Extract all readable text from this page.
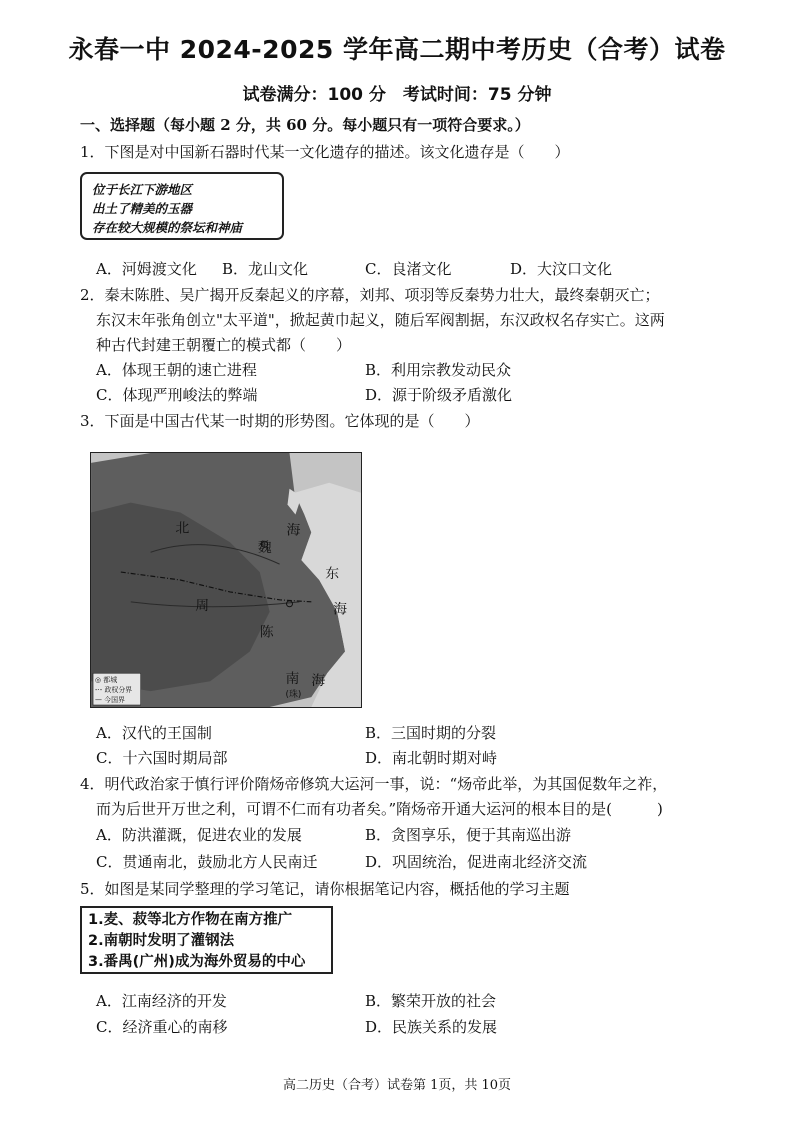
永春一中 2024-2025 学年高二期中考历史（合考）试卷
试卷满分：100 分　考试时间：75 分钟
一、选择题（每小题 2 分，共 60 分。每小题只有一项符合要求。）
1．下图是对中国新石器时代某一文化遗存的描述。该文化遗存是（　　）
位于长江下游地区
出土了精美的玉器
存在较大规模的祭坛和神庙
A．河姆渡文化 B．龙山文化	C．良渚文化	D．大汶口文化
2．秦末陈胜、吴广揭开反秦起义的序幕，刘邦、项羽等反秦势力壮大，最终秦朝灭亡；
东汉末年张角创立"太平道"，掀起黄巾起义，随后军阀割据，东汉政权名存实亡。这两
种古代封建王朝覆亡的模式都（　　）
A．体现王朝的速亡进程	B．利用宗教发动民众
C．体现严刑峻法的弊端	D．源于阶级矛盾激化
3．下面是中国古代某一时期的形势图。它体现的是（　　）
北
魏
海
东
周
陈
海
南 海
(珠)
◎ 都城
-·- 政权分界
— 今国界
A．汉代的王国制	B．三国时期的分裂
C．十六国时期局部	D．南北朝时期对峙
4．明代政治家于慎行评价隋炀帝修筑大运河一事，说：“炀帝此举，为其国促数年之祚，
而为后世开万世之利，可谓不仁而有功者矣。”隋炀帝开通大运河的根本目的是(　　　)
A．防洪灌溉，促进农业的发展	B．贪图享乐，便于其南巡出游
C．贯通南北，鼓励北方人民南迁	D．巩固统治，促进南北经济交流
5．如图是某同学整理的学习笔记，请你根据笔记内容，概括他的学习主题
1.麦、菽等北方作物在南方推广
2.南朝时发明了灌钢法
3.番禺(广州)成为海外贸易的中心
A．江南经济的开发	B．繁荣开放的社会
C．经济重心的南移	D．民族关系的发展
高二历史（合考）试卷第 1页，共 10页
